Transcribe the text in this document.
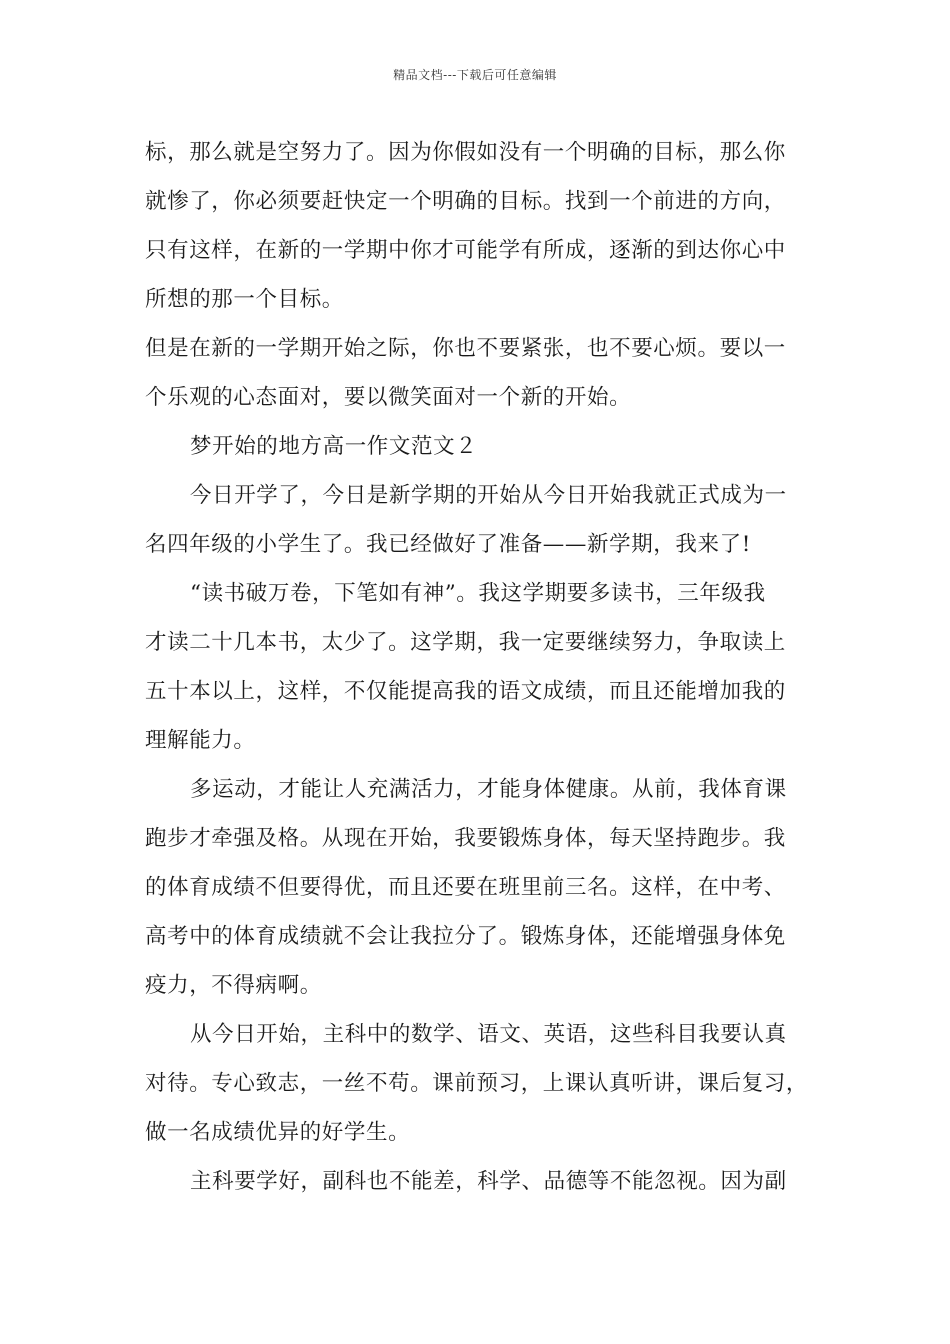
精品文档---下载后可任意编辑
标，那么就是空努力了。因为你假如没有一个明确的目标，那么你
就惨了，你必须要赶快定一个明确的目标。找到一个前进的方向，
只有这样，在新的一学期中你才可能学有所成，逐渐的到达你心中
所想的那一个目标。
但是在新的一学期开始之际，你也不要紧张，也不要心烦。要以一
个乐观的心态面对，要以微笑面对一个新的开始。
梦开始的地方高一作文范文２
今日开学了，今日是新学期的开始从今日开始我就正式成为一
名四年级的小学生了。我已经做好了准备——新学期，我来了!
“读书破万卷，下笔如有神”。我这学期要多读书，三年级我
才读二十几本书，太少了。这学期，我一定要继续努力，争取读上
五十本以上，这样，不仅能提高我的语文成绩，而且还能增加我的
理解能力。
多运动，才能让人充满活力，才能身体健康。从前，我体育课
跑步才牵强及格。从现在开始，我要锻炼身体，每天坚持跑步。我
的体育成绩不但要得优，而且还要在班里前三名。这样，在中考、
高考中的体育成绩就不会让我拉分了。锻炼身体，还能增强身体免
疫力，不得病啊。
从今日开始，主科中的数学、语文、英语，这些科目我要认真
对待。专心致志，一丝不苟。课前预习，上课认真听讲，课后复习，
做一名成绩优异的好学生。
主科要学好，副科也不能差，科学、品德等不能忽视。因为副
